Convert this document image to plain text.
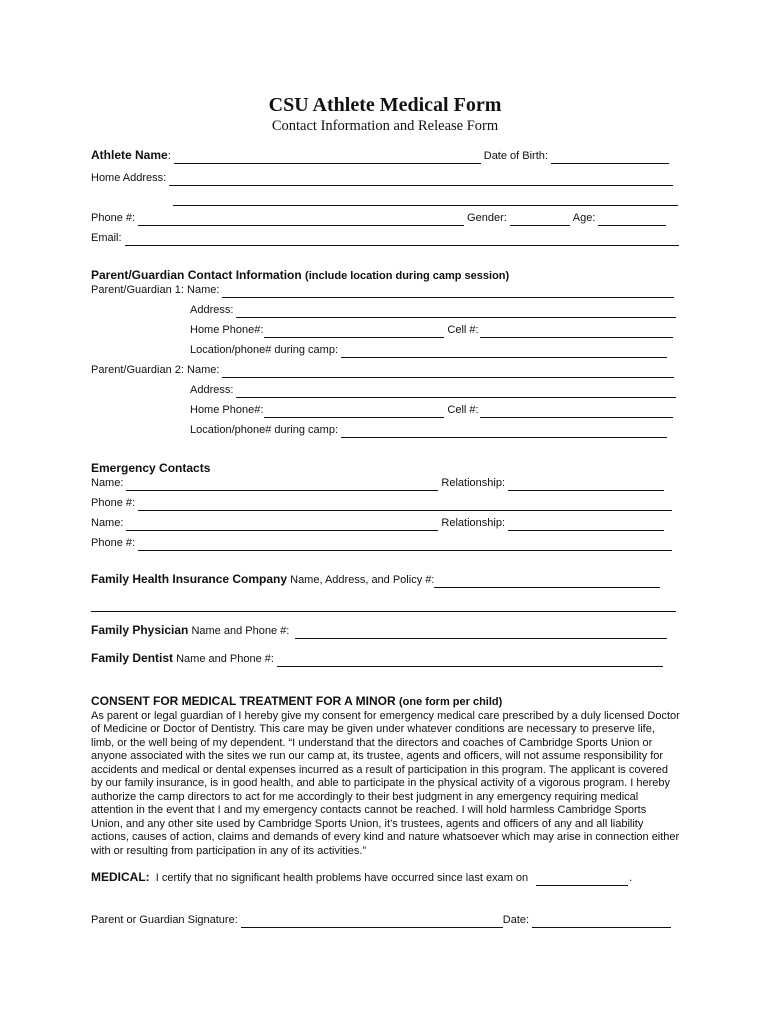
CSU Athlete Medical Form
Contact Information and Release Form
Athlete Name:	Date of Birth:
Home Address:
Phone #:	Gender:	Age:
Email:
Parent/Guardian Contact Information (include location during camp session)
Parent/Guardian 1: Name:
Address:
Home Phone#:	Cell #:
Location/phone# during camp:
Parent/Guardian 2: Name:
Address:
Home Phone#:	Cell #:
Location/phone# during camp:
Emergency Contacts
Name:	Relationship:
Phone #:
Name:	Relationship:
Phone #:
Family Health Insurance Company Name, Address, and Policy #:
Family Physician Name and Phone #:
Family Dentist Name and Phone #:
CONSENT FOR MEDICAL TREATMENT FOR A MINOR (one form per child)
As parent or legal guardian of I hereby give my consent for emergency medical care prescribed by a duly licensed Doctor of Medicine or Doctor of Dentistry. This care may be given under whatever conditions are necessary to preserve life, limb, or the well being of my dependent. “I understand that the directors and coaches of Cambridge Sports Union or anyone associated with the sites we run our camp at, its trustee, agents and officers, will not assume responsibility for accidents and medical or dental expenses incurred as a result of participation in this program. The applicant is covered by our family insurance, is in good health, and able to participate in the physical activity of a vigorous program. I hereby authorize the camp directors to act for me accordingly to their best judgment in any emergency requiring medical attention in the event that I and my emergency contacts cannot be reached. I will hold harmless Cambridge Sports Union, and any other site used by Cambridge Sports Union, it’s trustees, agents and officers of any and all liability actions, causes of action, claims and demands of every kind and nature whatsoever which may arise in connection either with or resulting from participation in any of its activities.”
MEDICAL: I certify that no significant health problems have occurred since last exam on	.
Parent or Guardian Signature:	Date:
